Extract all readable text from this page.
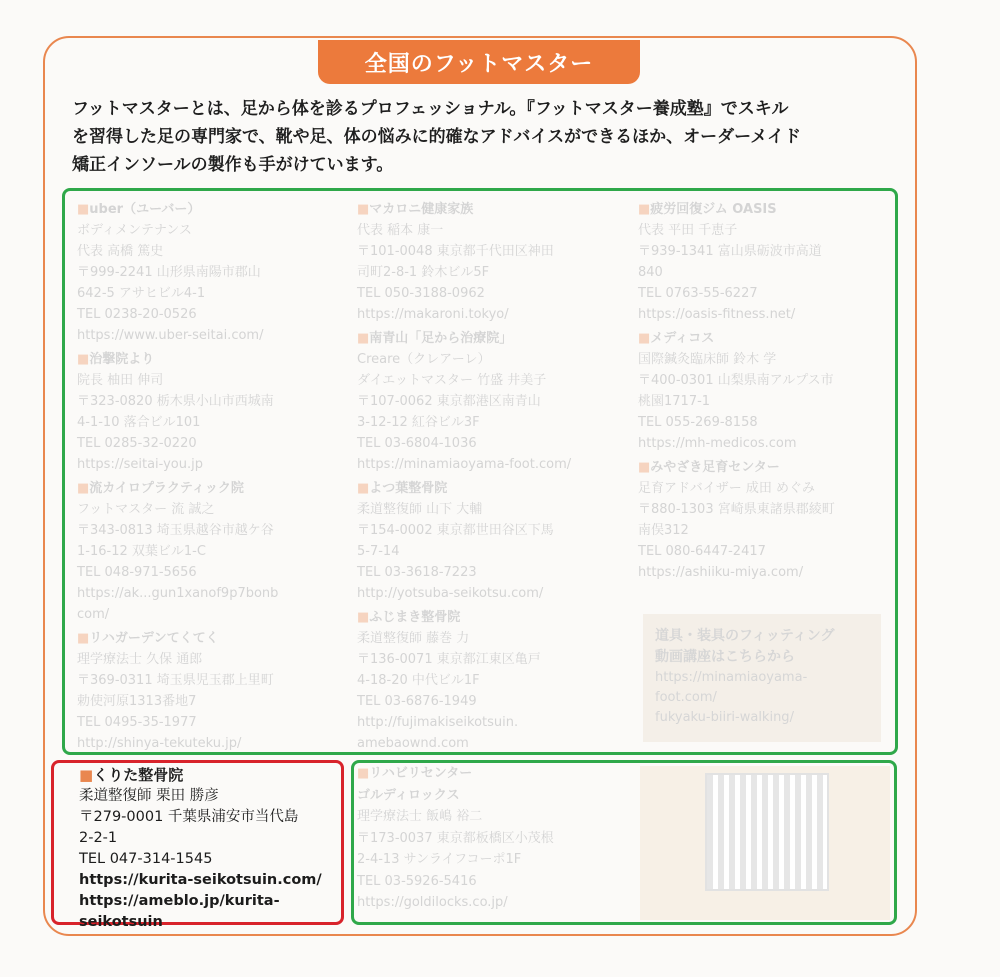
全国のフットマスター
フットマスターとは、足から体を診るプロフェッショナル。『フットマスター養成塾』でスキル
を習得した足の専門家で、靴や足、体の悩みに的確なアドバイスができるほか、オーダーメイド
矯正インソールの製作も手がけています。
■uber（ユーバー）
ボディメンテナンス
代表 高橋 篤史
〒999-2241 山形県南陽市郡山
642-5 アサヒビル4-1
TEL 0238-20-0526
https://www.uber-seitai.com/
■治撃院より
院長 柚田 伸司
〒323-0820 栃木県小山市西城南
4-1-10 落合ビル101
TEL 0285-32-0220
https://seitai-you.jp
■流カイロプラクティック院
フットマスター 流 誠之
〒343-0813 埼玉県越谷市越ケ谷
1-16-12 双葉ビル1-C
TEL 048-971-5656
https://ak...gun1xanof9p7bonb
com/
■リハガーデンてくてく
理学療法士 久保 通郎
〒369-0311 埼玉県児玉郡上里町
勅使河原1313番地7
TEL 0495-35-1977
http://shinya-tekuteku.jp/
■マカロニ健康家族
代表 稲本 康一
〒101-0048 東京都千代田区神田
司町2-8-1 鈴木ビル5F
TEL 050-3188-0962
https://makaroni.tokyo/
■南青山「足から治療院」
Creare（クレアーレ）
ダイエットマスター 竹盛 井美子
〒107-0062 東京都港区南青山
3-12-12 紅谷ビル3F
TEL 03-6804-1036
https://minamiaoyama-foot.com/
■よつ葉整骨院
柔道整復師 山下 大輔
〒154-0002 東京都世田谷区下馬
5-7-14
TEL 03-3618-7223
http://yotsuba-seikotsu.com/
■ふじまき整骨院
柔道整復師 藤巻 力
〒136-0071 東京都江東区亀戸
4-18-20 中代ビル1F
TEL 03-6876-1949
http://fujimakiseikotsuin.
amebaownd.com
■疲労回復ジム OASIS
代表 平田 千恵子
〒939-1341 富山県砺波市高道
840
TEL 0763-55-6227
https://oasis-fitness.net/
■メディコス
国際鍼灸臨床師 鈴木 学
〒400-0301 山梨県南アルプス市
桃園1717-1
TEL 055-269-8158
https://mh-medicos.com
■みやざき足育センター
足育アドバイザー 成田 めぐみ
〒880-1303 宮崎県東諸県郡綾町
南俣312
TEL 080-6447-2417
https://ashiiku-miya.com/
道具・装具のフィッティング
動画講座はこちらから
https://minamiaoyama-foot.com/
fukyaku-biiri-walking/
■くりた整骨院
柔道整復師 栗田 勝彦
〒279-0001 千葉県浦安市当代島
2-2-1
TEL 047-314-1545
https://kurita-seikotsuin.com/
https://ameblo.jp/kurita-seikotsuin
■リハビリセンター
ゴルディロックス
理学療法士 飯嶋 裕二
〒173-0037 東京都板橋区小茂根
2-4-13 サンライフコーポ1F
TEL 03-5926-5416
https://goldilocks.co.jp/
